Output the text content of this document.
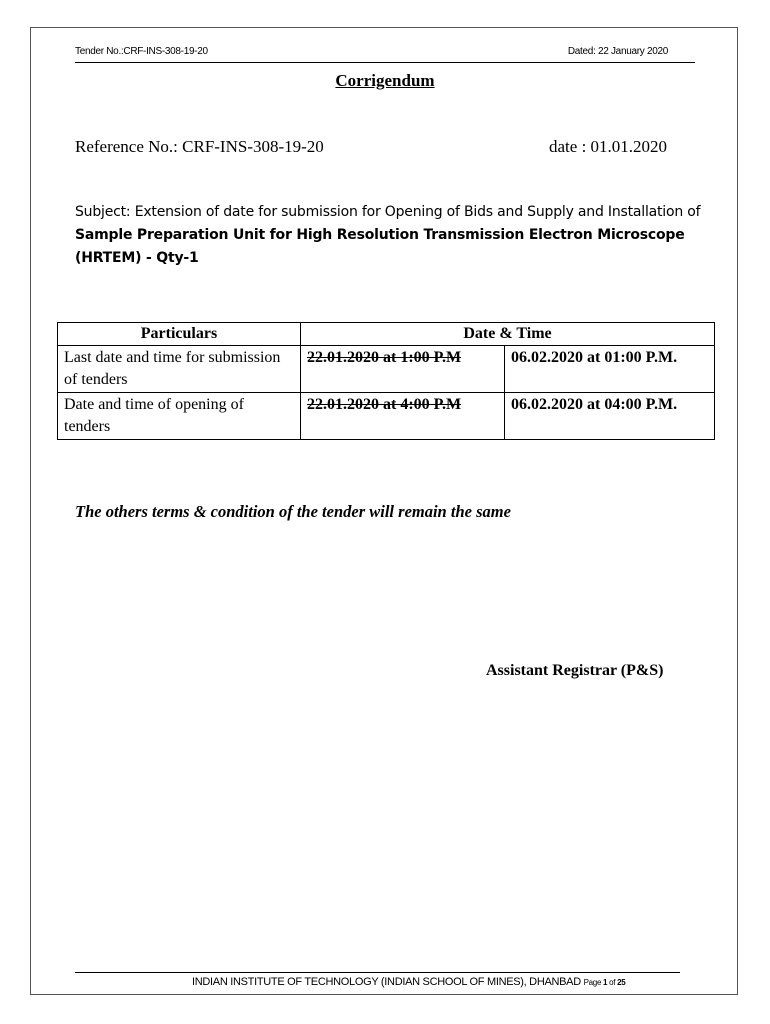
Tender No.:CRF-INS-308-19-20	Dated: 22 January 2020
Corrigendum
Reference No.: CRF-INS-308-19-20	date : 01.01.2020
Subject: Extension of date for submission for Opening of Bids and Supply and Installation of Sample Preparation Unit for High Resolution Transmission Electron Microscope (HRTEM) - Qty-1
Particulars	Date & Time	
Last date and time for submission of tenders	22.01.2020 at 1:00 P.M	06.02.2020 at 01:00 P.M.
Date and time of opening of tenders	22.01.2020 at 4:00 P.M	06.02.2020 at 04:00 P.M.
The others terms & condition of the tender will remain the same
Assistant Registrar (P&S)
INDIAN INSTITUTE OF TECHNOLOGY (INDIAN SCHOOL OF MINES), DHANBAD Page 1 of 25
